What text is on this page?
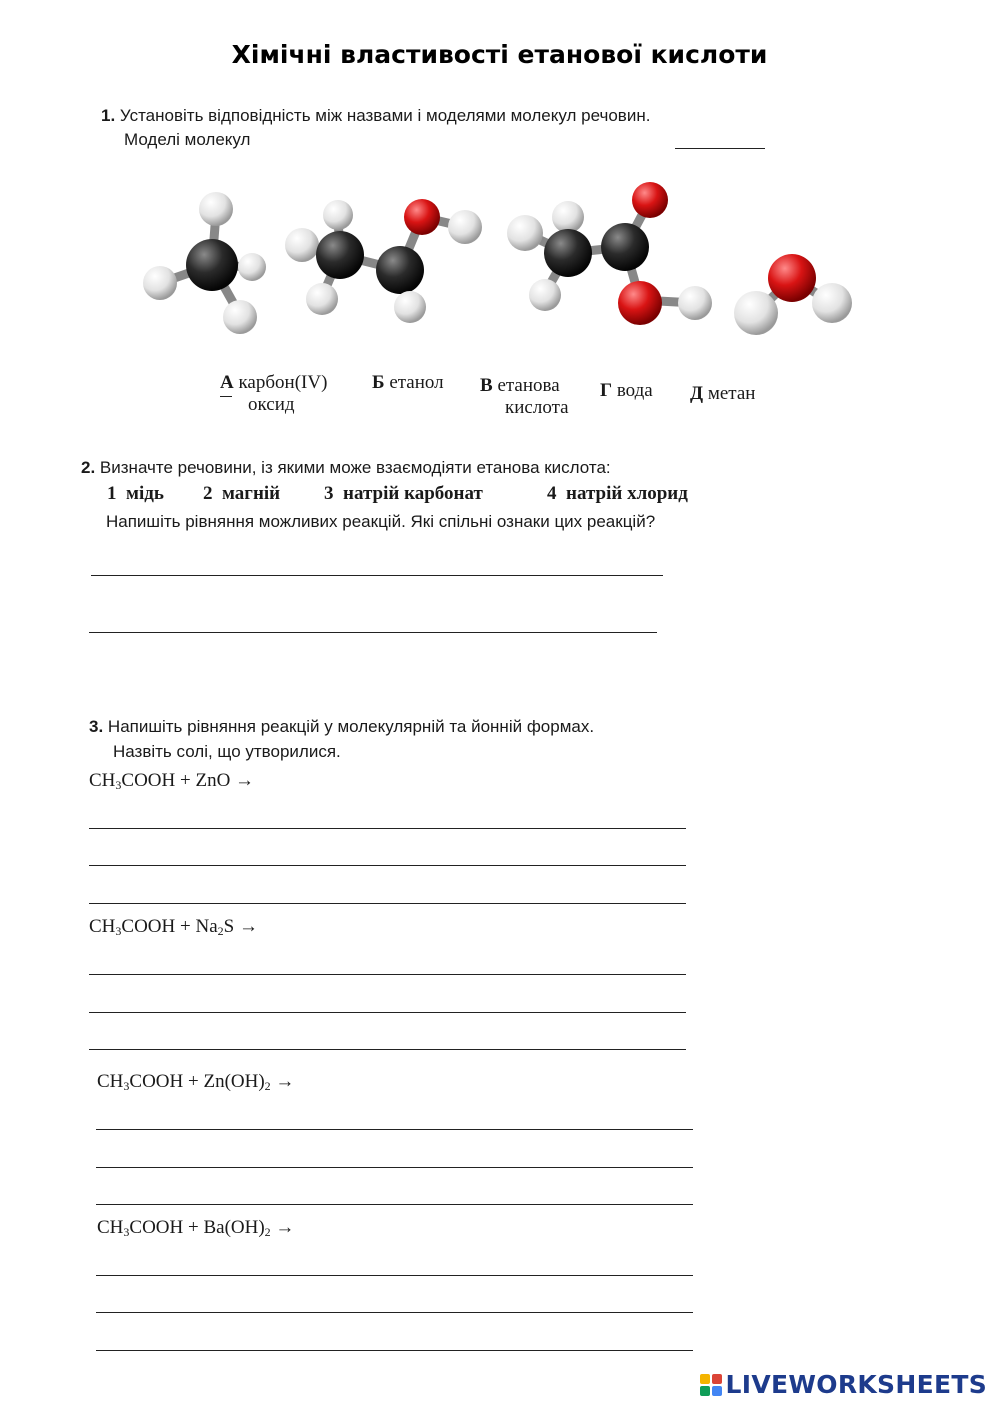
Хімічні властивості етанової кислоти
1. Установіть відповідність між назвами і моделями молекул речовин.
Моделі молекул
А карбон(IV)
оксид
Б етанол В етанова
кислота
Г вода Д метан
2. Визначте речовини, із якими може взаємодіяти етанова кислота:
1 мідь 2 магній 3 натрій карбонат	4 натрій хлорид
Напишіть рівняння можливих реакцій. Які спільні ознаки цих реакцій?
3. Напишіть рівняння реакцій у молекулярній та йонній формах.
Назвіть солі, що утворилися.
$CH_3COOH$ + ZnO →
$CH_3COOH + Na_2S$ →
$CH_3COOH + Zn(OH)_2$ →
$CH_3COOH + Ba(OH)_2$ →
LIVEWORKSHEETS
